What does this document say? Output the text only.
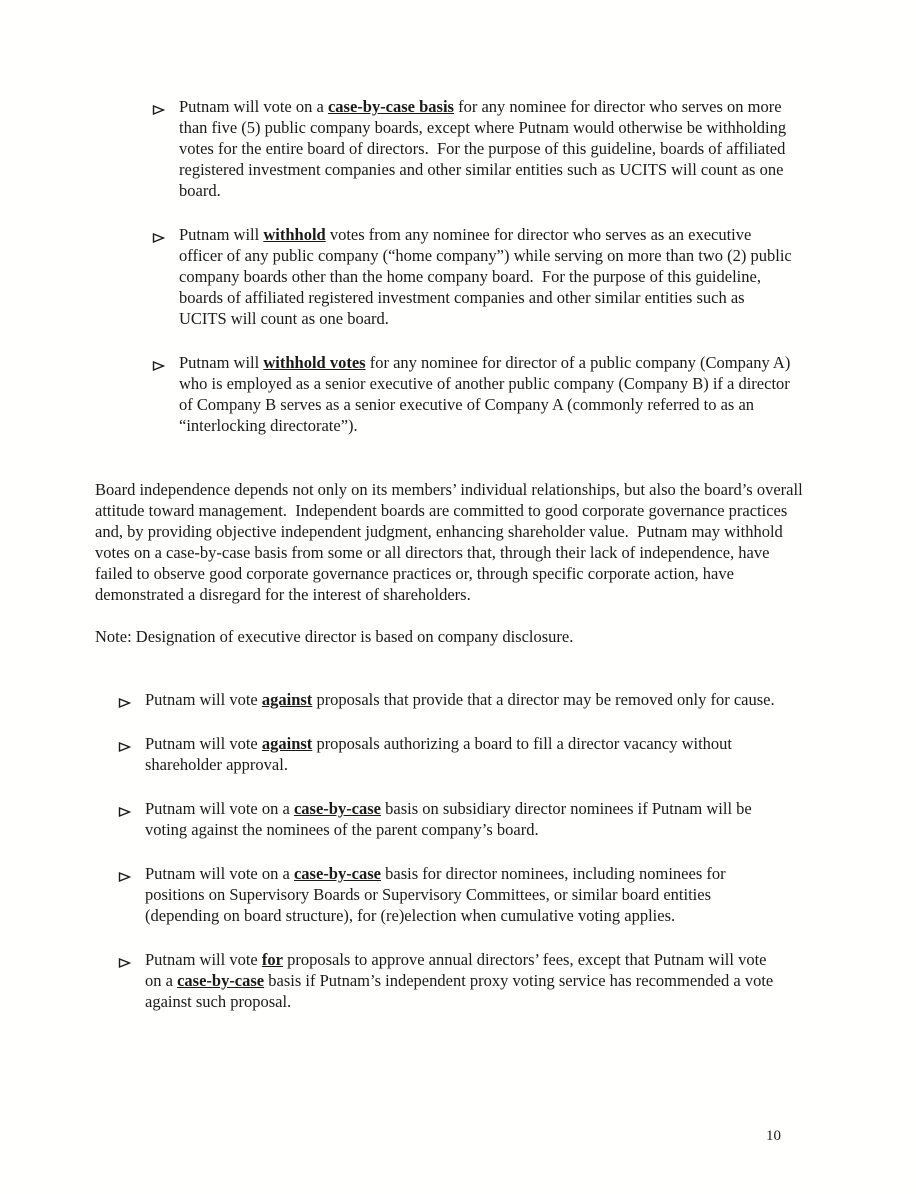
Putnam will vote on a case-by-case basis for any nominee for director who serves on more than five (5) public company boards, except where Putnam would otherwise be withholding votes for the entire board of directors.  For the purpose of this guideline, boards of affiliated registered investment companies and other similar entities such as UCITS will count as one board.
Putnam will withhold votes from any nominee for director who serves as an executive officer of any public company (“home company”) while serving on more than two (2) public company boards other than the home company board.  For the purpose of this guideline, boards of affiliated registered investment companies and other similar entities such as UCITS will count as one board.
Putnam will withhold votes for any nominee for director of a public company (Company A) who is employed as a senior executive of another public company (Company B) if a director of Company B serves as a senior executive of Company A (commonly referred to as an “interlocking directorate”).

Board independence depends not only on its members’ individual relationships, but also the board’s overall attitude toward management.  Independent boards are committed to good corporate governance practices and, by providing objective independent judgment, enhancing shareholder value.  Putnam may withhold votes on a case-by-case basis from some or all directors that, through their lack of independence, have failed to observe good corporate governance practices or, through specific corporate action, have demonstrated a disregard for the interest of shareholders.

Note: Designation of executive director is based on company disclosure.

Putnam will vote against proposals that provide that a director may be removed only for cause.
Putnam will vote against proposals authorizing a board to fill a director vacancy without shareholder approval.
Putnam will vote on a case-by-case basis on subsidiary director nominees if Putnam will be voting against the nominees of the parent company’s board.
Putnam will vote on a case-by-case basis for director nominees, including nominees for positions on Supervisory Boards or Supervisory Committees, or similar board entities (depending on board structure), for (re)election when cumulative voting applies.
Putnam will vote for proposals to approve annual directors’ fees, except that Putnam will vote on a case-by-case basis if Putnam’s independent proxy voting service has recommended a vote against such proposal.
10
